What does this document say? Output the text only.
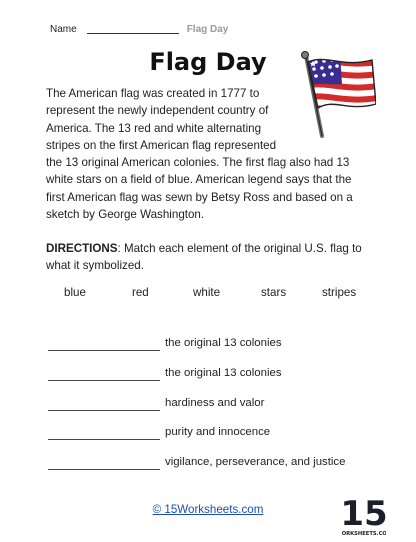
Name	Flag Day
Flag Day
The American flag was created in 1777 to
represent the newly independent country of
America. The 13 red and white alternating
stripes on the first American flag represented
the 13 original American colonies. The first flag also had 13
white stars on a field of blue. American legend says that the
first American flag was sewn by Betsy Ross and based on a
sketch by George Washington.
DIRECTIONS: Match each element of the original U.S. flag to
what it symbolized.
blue	red	white	stars	stripes
the original 13 colonies
the original 13 colonies
hardiness and valor
purity and innocence
vigilance, perseverance, and justice
© 15Worksheets.com	15
ORKSHEETS.CO
